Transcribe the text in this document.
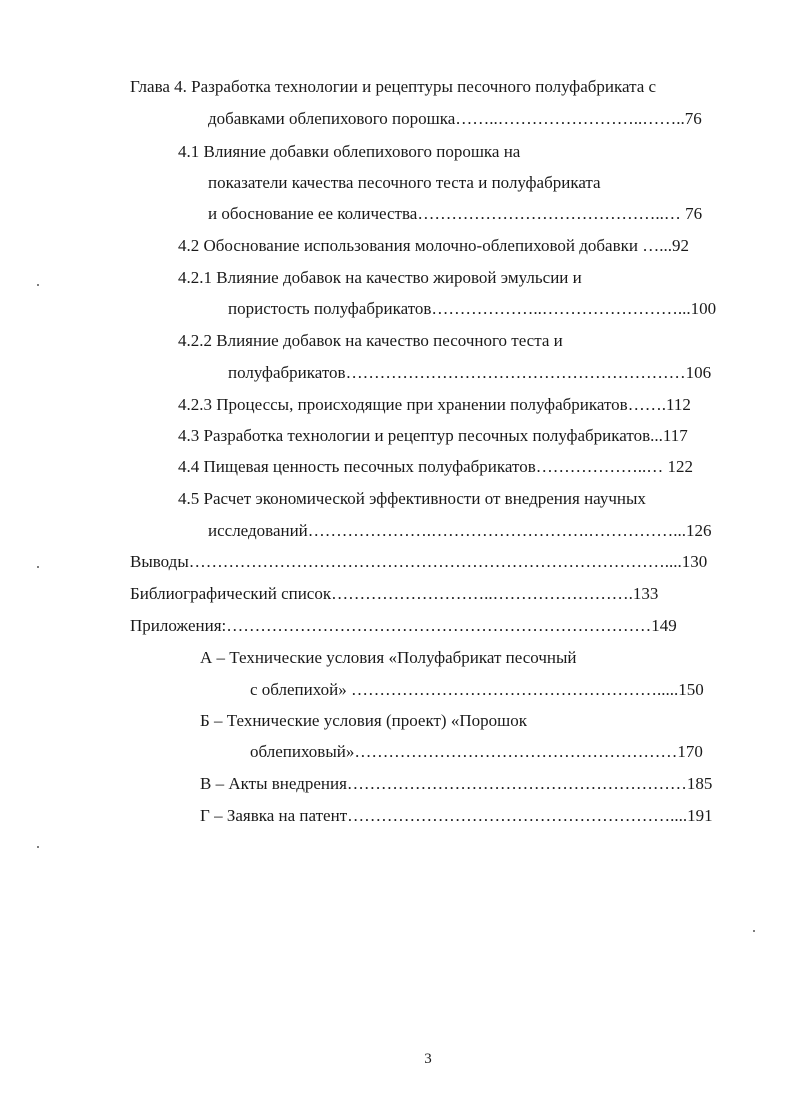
Глава 4. Разработка технологии и рецептуры песочного полуфабриката с
добавками облепихового порошка……..……………………..……..76
4.1 Влияние добавки облепихового порошка на
показатели качества песочного теста и полуфабриката
и обоснование ее количества……………………………………..… 76
4.2 Обоснование использования молочно-облепиховой добавки …...92
4.2.1 Влияние добавок на качество жировой эмульсии и
пористость полуфабрикатов………………..……………………...100
4.2.2 Влияние добавок на качество песочного теста и
полуфабрикатов……………………………………………………106
4.2.3 Процессы, происходящие при хранении полуфабрикатов…….112
4.3 Разработка технологии и рецептур песочных полуфабрикатов...117
4.4 Пищевая ценность песочных полуфабрикатов………………..… 122
4.5 Расчет экономической эффективности от внедрения научных
исследований………………….……………………….……………...126
Выводы…………………………………………………………………………....130
Библиографический список………………………..…………………….133
Приложения:…………………………………………………………………149
А – Технические условия «Полуфабрикат песочный
с облепихой» ……………………………………………….....150
Б – Технические условия (проект) «Порошок
облепиховый»…………………………………………………170
В – Акты внедрения……………………………………………………185
Г – Заявка на патент…………………………………………………....191
3
